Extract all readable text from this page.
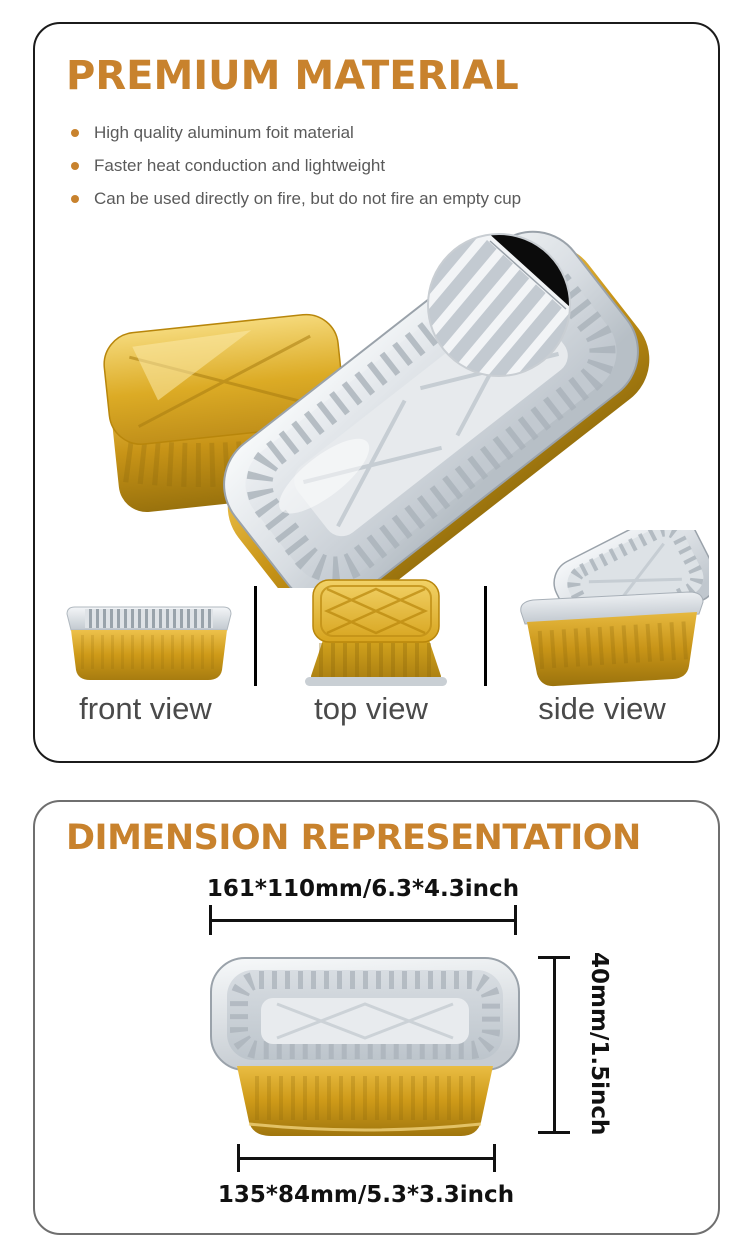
PREMIUM MATERIAL
High quality aluminum foit material
Faster heat conduction and lightweight
Can be used directly on fire, but do not fire an empty cup
front view	top view	side view
DIMENSION REPRESENTATION
161*110mm/6.3*4.3inch
40mm/1.5inch
135*84mm/5.3*3.3inch
